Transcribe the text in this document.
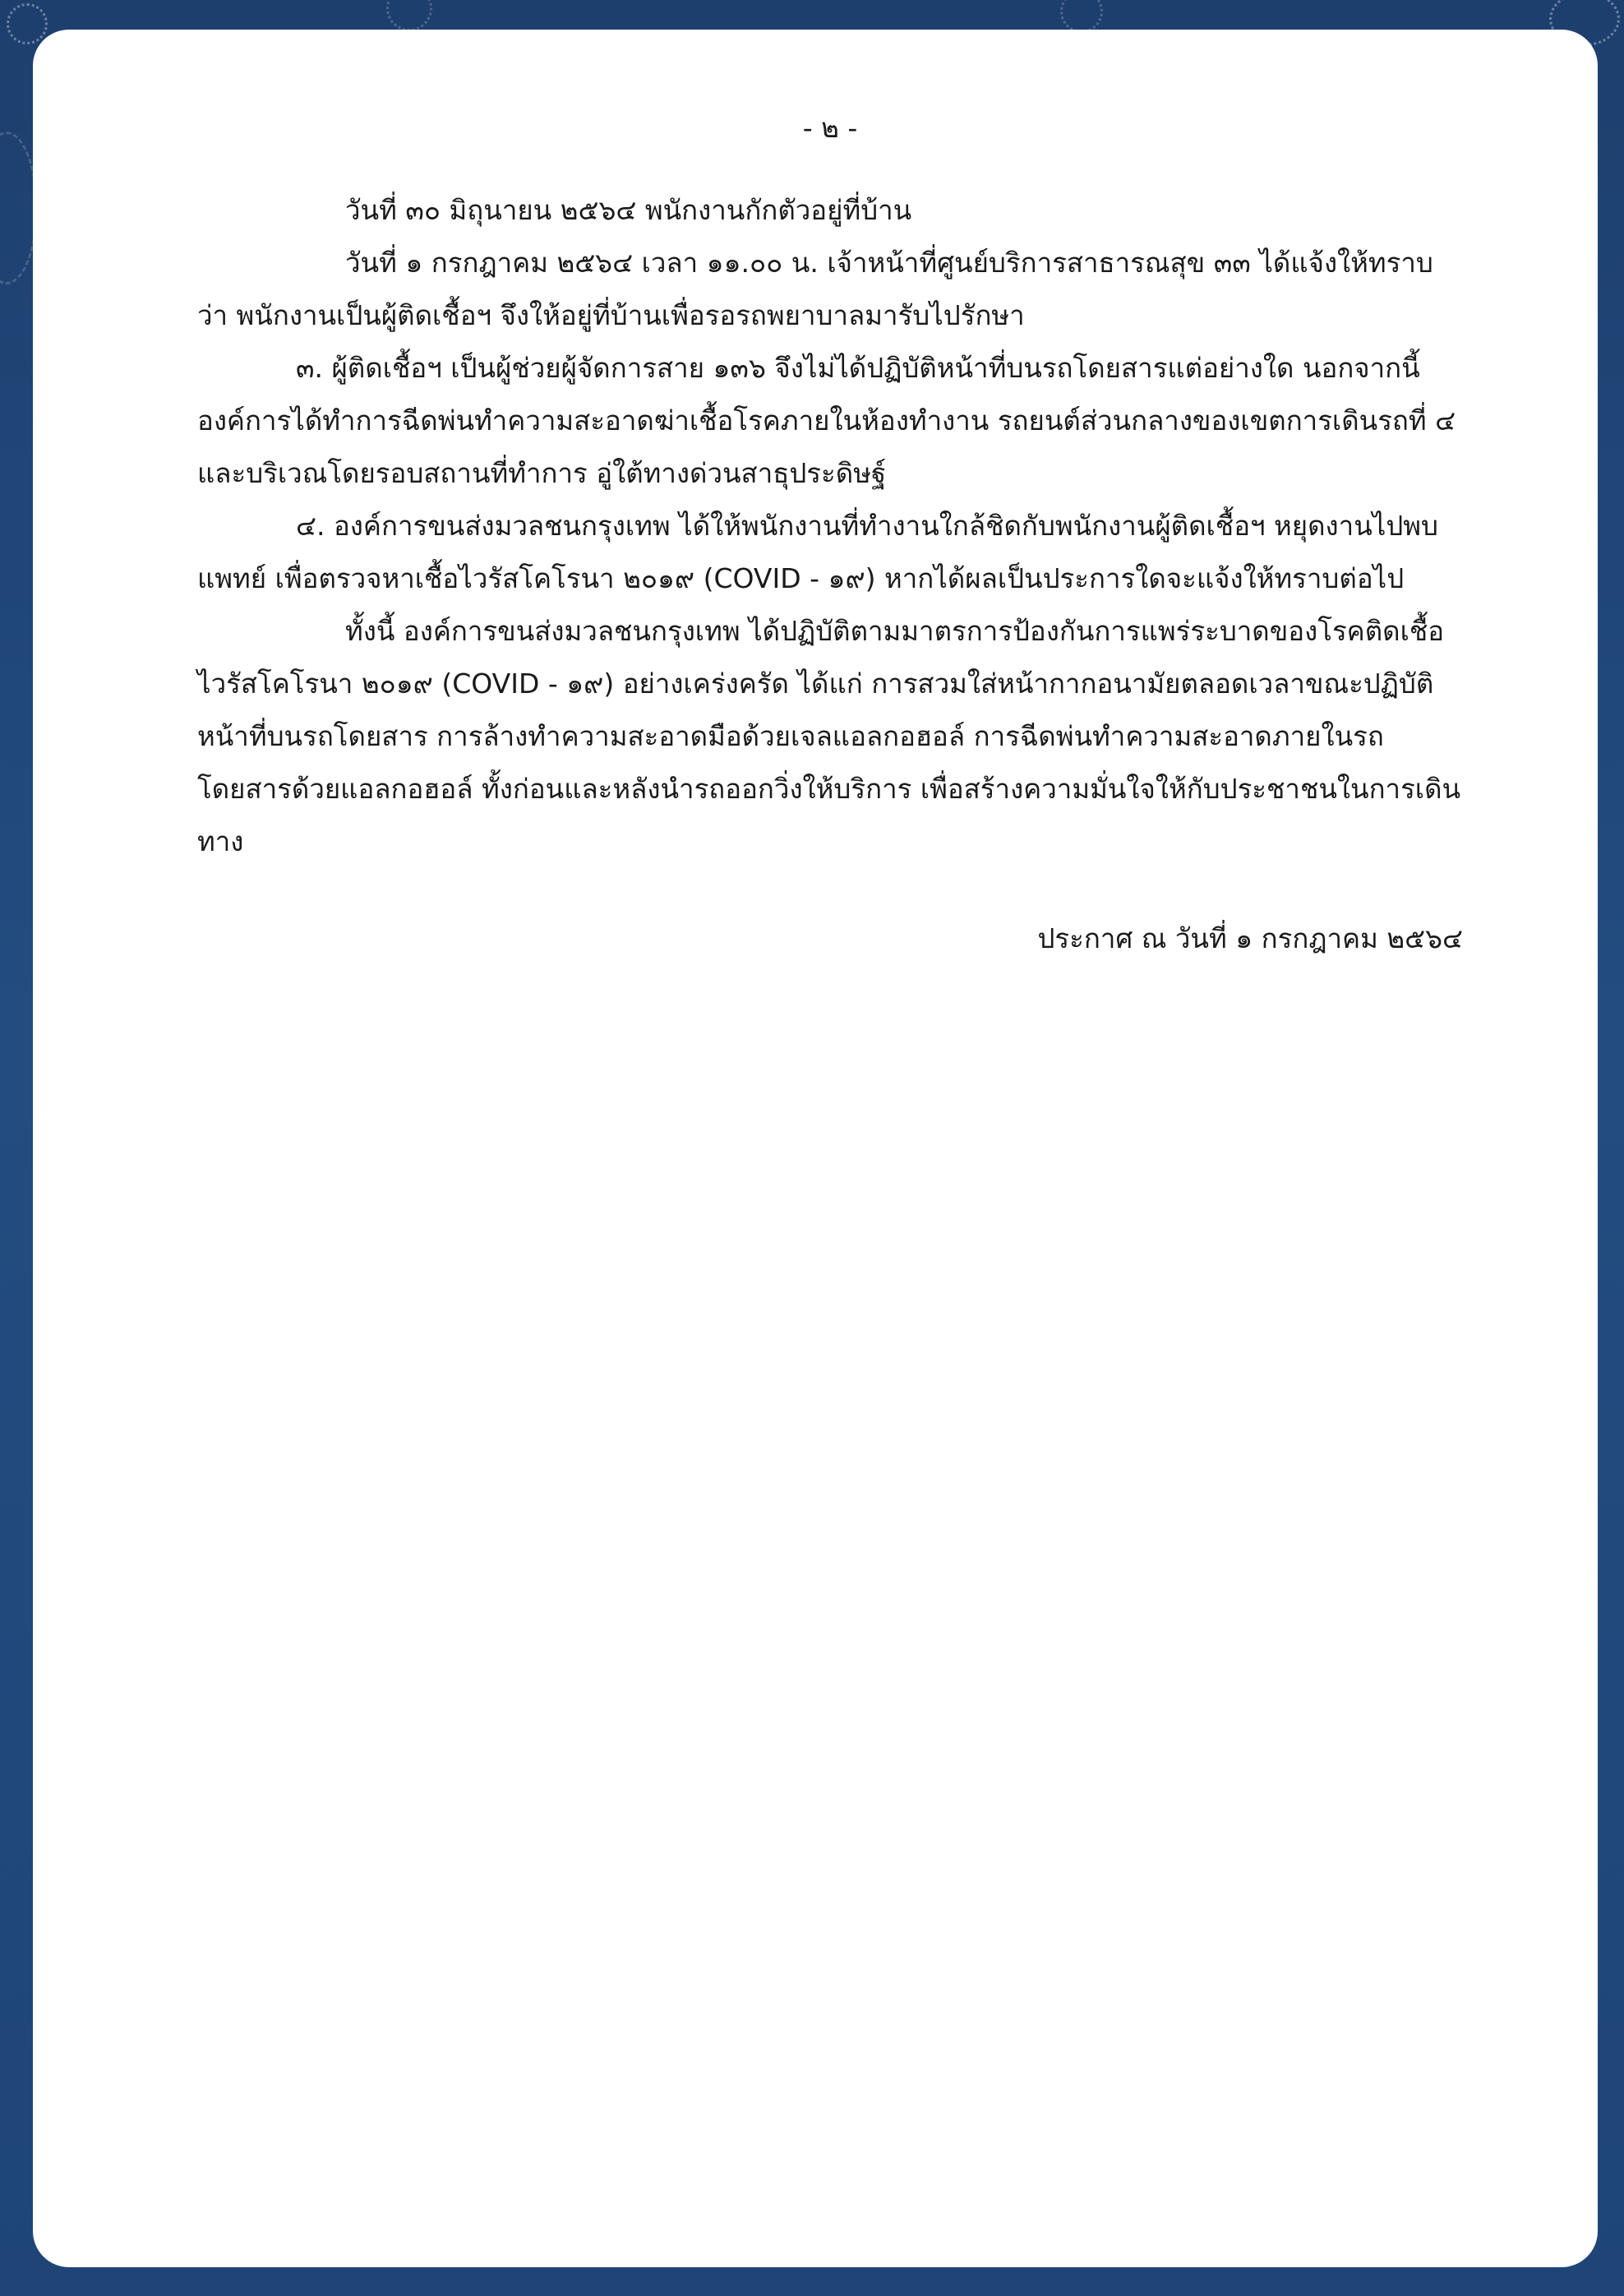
- ๒ -

วันที่ ๓๐ มิถุนายน ๒๕๖๔ พนักงานกักตัวอยู่ที่บ้าน

วันที่ ๑ กรกฎาคม ๒๕๖๔ เวลา ๑๑.๐๐ น. เจ้าหน้าที่ศูนย์บริการสาธารณสุข ๓๓ ได้แจ้งให้ทราบว่า พนักงานเป็นผู้ติดเชื้อฯ จึงให้อยู่ที่บ้านเพื่อรอรถพยาบาลมารับไปรักษา

๓. ผู้ติดเชื้อฯ เป็นผู้ช่วยผู้จัดการสาย ๑๓๖ จึงไม่ได้ปฏิบัติหน้าที่บนรถโดยสารแต่อย่างใด นอกจากนี้องค์การได้ทำการฉีดพ่นทำความสะอาดฆ่าเชื้อโรคภายในห้องทำงาน รถยนต์ส่วนกลางของเขตการเดินรถที่ ๔ และบริเวณโดยรอบสถานที่ทำการ อู่ใต้ทางด่วนสาธุประดิษฐ์

๔. องค์การขนส่งมวลชนกรุงเทพ ได้ให้พนักงานที่ทำงานใกล้ชิดกับพนักงานผู้ติดเชื้อฯ หยุดงานไปพบแพทย์ เพื่อตรวจหาเชื้อไวรัสโคโรนา ๒๐๑๙ (COVID - ๑๙) หากได้ผลเป็นประการใดจะแจ้งให้ทราบต่อไป

ทั้งนี้ องค์การขนส่งมวลชนกรุงเทพ ได้ปฏิบัติตามมาตรการป้องกันการแพร่ระบาดของโรคติดเชื้อไวรัสโคโรนา ๒๐๑๙ (COVID - ๑๙) อย่างเคร่งครัด ได้แก่ การสวมใส่หน้ากากอนามัยตลอดเวลาขณะปฏิบัติหน้าที่บนรถโดยสาร การล้างทำความสะอาดมือด้วยเจลแอลกอฮอล์ การฉีดพ่นทำความสะอาดภายในรถโดยสารด้วยแอลกอฮอล์ ทั้งก่อนและหลังนำรถออกวิ่งให้บริการ เพื่อสร้างความมั่นใจให้กับประชาชนในการเดินทาง

ประกาศ ณ วันที่ ๑ กรกฎาคม ๒๕๖๔
